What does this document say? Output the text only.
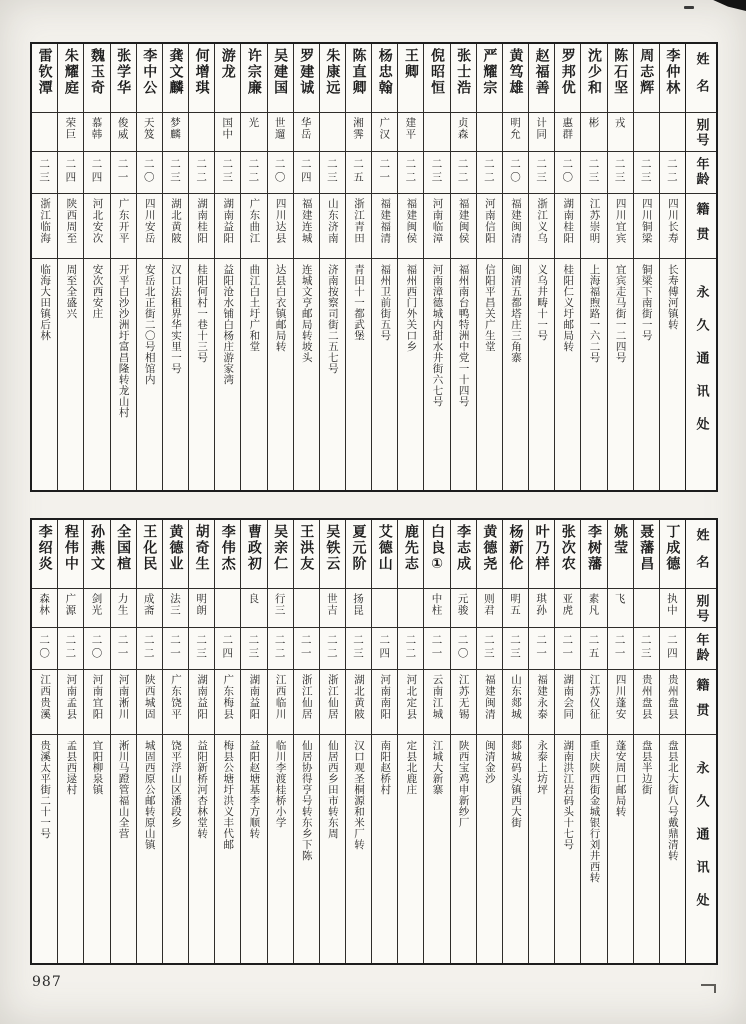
姓名
别号
年龄
籍贯
永久通讯处
李仲林
二二
四川长寿
长寿傅河镇转
周志辉
二三
四川铜梁
铜梁下南街一号
陈石坚
戎
二三
四川宜宾
宜宾走马街一二四号
沈少和
彬
二三
江苏崇明
上海福煦路一六二号
罗邦优
惠群
二〇
湖南桂阳
桂阳仁义圩邮局转
赵福善
计同
二三
浙江义乌
义乌井畴十一号
黄笃雄
明允
二〇
福建闽清
闽清五都塔庄三角寨
严耀宗
二二
河南信阳
信阳平昌关广生堂
张士浩
贞森
二二
福建闽侯
福州南台鸭特洲中党一十四号
倪昭恒
二三
河南临漳
河南漳德城内甜水井街六七号
王卿
建平
二二
福建闽侯
福州西门外关口乡
杨忠翰
广汉
二一
福建福清
福州卫前街五号
陈直卿
湘霁
二五
浙江青田
青田十一都武堡
朱康远
二三
山东济南
济南按察司街二五七号
罗建诚
华岳
二四
福建连城
连城文亨邮局转坡头
吴建国
世遛
二〇
四川达县
达县白衣镇邮局转
许宗廉
光
二二
广东曲江
曲江白土圩广和堂
游龙
国中
二三
湖南益阳
益阳沧水铺白杨庄游家湾
何增琪
二二
湖南桂阳
桂阳何村一巷十三号
龚文麟
梦麟
二三
湖北黄陂
汉口法租界华实里一号
李中公
天笈
二〇
四川安岳
安岳北正街二〇号相馆内
张学华
俊威
二一
广东开平
开平白沙沙洲圩富昌隆转龙山村
魏玉奇
慕韩
二四
河北安次
安次西安庄
朱耀庭
荣巨
二四
陕西周至
周至全盛兴
雷钦潭
二三
浙江临海
临海大田镇后林
姓名
别号
年龄
籍贯
永久通讯处
丁成德
执中
二四
贵州盘县
盘县北大街八号戴鼎清转
聂藩昌
二三
贵州盘县
盘县半边街
姚莹
飞
二一
四川蓬安
蓬安周口邮局转
李树藩
素凡
二五
江苏仪征
重庆陕西街金城银行刘井西转
张次农
亚虎
二一
湖南会同
湖南洪江岩码头十七号
叶乃样
琪孙
二一
福建永泰
永泰上坊坪
杨新伦
明五
二三
山东郯城
郯城码头镇西大街
黄德尧
则君
二三
福建闽清
闽清金沙
李志成
元骏
二〇
江苏无锡
陕西宝鸡申新纱厂
白良①
中柱
二一
云南江城
江城大新寨
鹿先志
二二
河北定县
定县北鹿庄
艾德山
二四
河南南阳
南阳赵桥村
夏元阶
扬昆
二三
湖北黄陂
汉口观圣桐源和米厂转
吴铁云
世吉
二二
浙江仙居
仙居西乡田市转东周
王洪友
二一
浙江仙居
仙居协得亨号转东乡下陈
吴亲仁
行三
二二
江西临川
临川李渡桂桥小学
曹政初
良
二三
湖南益阳
益阳赵塘基李方顺转
李伟杰
二四
广东梅县
梅县公塘圩洪义丰代邮
胡奇生
明朗
二三
湖南益阳
益阳新桥河杏林堂转
黄德业
法三
二一
广东饶平
饶平浮山区潘段乡
王化民
成斋
二二
陕西城固
城固西原公邮转原山镇
全国楦
力生
二一
河南淅川
淅川马蹬管福山全营
孙燕文
剑光
二〇
河南宜阳
宜阳柳泉镇
程伟中
广源
二二
河南孟县
孟县西逯村
李绍炎
森林
二〇
江西贵溪
贵溪太平街二十一号
987
